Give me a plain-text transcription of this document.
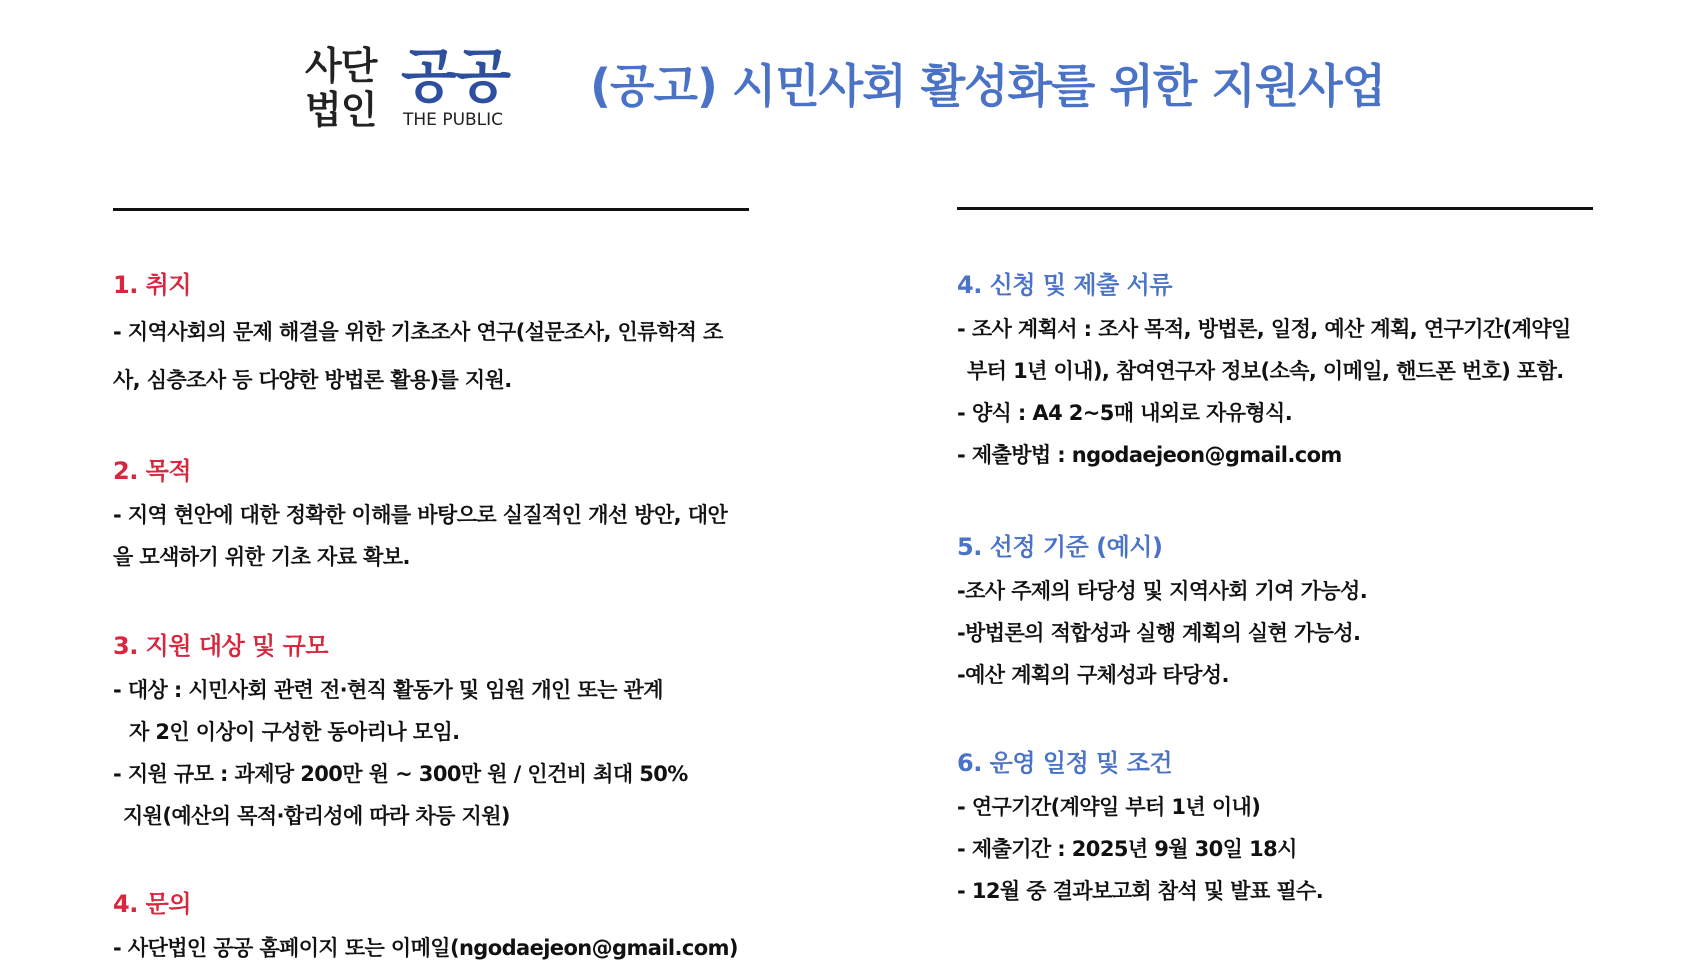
사단
법인 공공
THE PUBLIC
(공고) 시민사회 활성화를 위한 지원사업
1. 취지
- 지역사회의 문제 해결을 위한 기초조사 연구(설문조사, 인류학적 조
사, 심층조사 등 다양한 방법론 활용)를 지원.
2. 목적
- 지역 현안에 대한 정확한 이해를 바탕으로 실질적인 개선 방안, 대안
을 모색하기 위한 기초 자료 확보.
3. 지원 대상 및 규모
- 대상 : 시민사회 관련 전·현직 활동가 및 임원 개인 또는 관계
자 2인 이상이 구성한 동아리나 모임.
- 지원 규모 : 과제당 200만 원 ~ 300만 원 / 인건비 최대 50%
지원(예산의 목적·합리성에 따라 차등 지원)
4. 문의
- 사단법인 공공 홈페이지 또는 이메일(ngodaejeon@gmail.com)
4. 신청 및 제출 서류
- 조사 계획서 : 조사 목적, 방법론, 일정, 예산 계획, 연구기간(계약일
부터 1년 이내), 참여연구자 정보(소속, 이메일, 핸드폰 번호) 포함.
- 양식 : A4 2~5매 내외로 자유형식.
- 제출방법 : ngodaejeon@gmail.com
5. 선정 기준 (예시)
-조사 주제의 타당성 및 지역사회 기여 가능성.
-방법론의 적합성과 실행 계획의 실현 가능성.
-예산 계획의 구체성과 타당성.
6. 운영 일정 및 조건
- 연구기간(계약일 부터 1년 이내)
- 제출기간 : 2025년 9월 30일 18시
- 12월 중 결과보고회 참석 및 발표 필수.
